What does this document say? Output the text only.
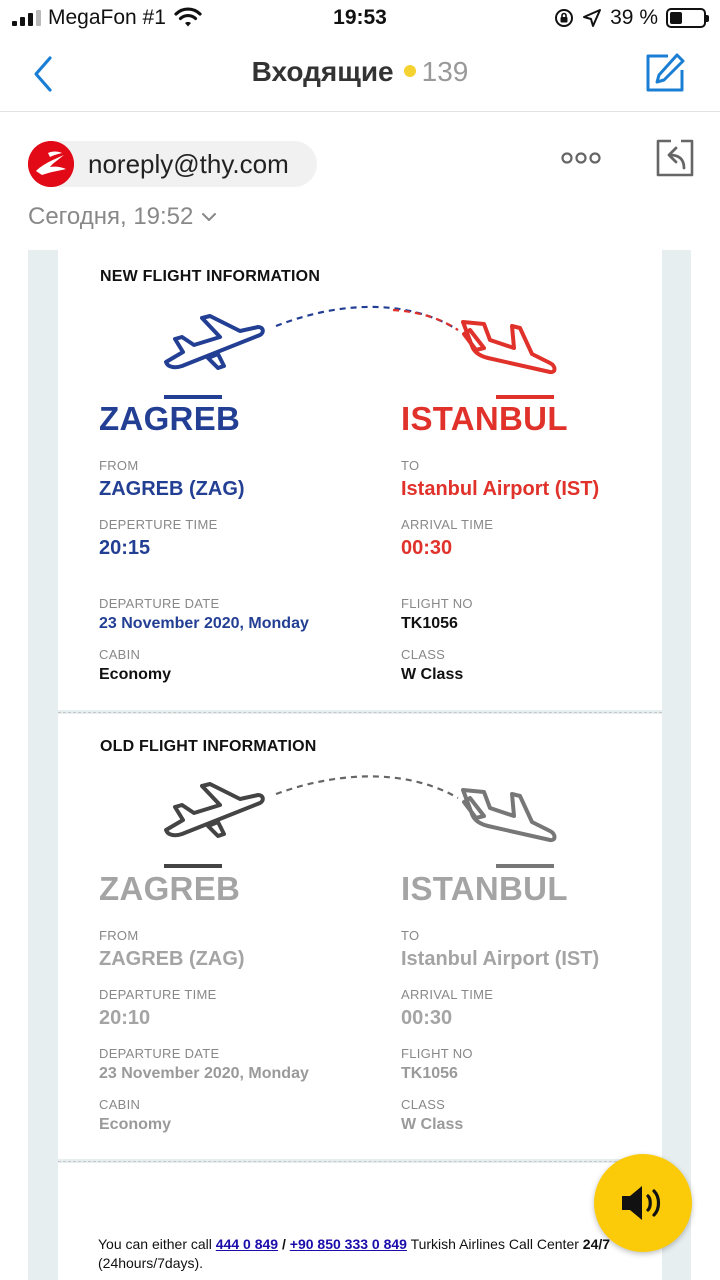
MegaFon #1	19:53	39 %
Входящие 139
noreply@thy.com
Сегодня, 19:52
NEW FLIGHT INFORMATION
ZAGREB	ISTANBUL
FROM	TO
ZAGREB (ZAG)	Istanbul Airport (IST)
DEPERTURE TIME	ARRIVAL TIME
20:15	00:30
DEPARTURE DATE	FLIGHT NO
23 November 2020, Monday	TK1056
CABIN	CLASS
Economy	W Class
OLD FLIGHT INFORMATION
ZAGREB	ISTANBUL
FROM	TO
ZAGREB (ZAG)	Istanbul Airport (IST)
DEPARTURE TIME	ARRIVAL TIME
20:10	00:30
DEPARTURE DATE	FLIGHT NO
23 November 2020, Monday	TK1056
CABIN	CLASS
Economy	W Class
You can either call 444 0 849 / +90 850 333 0 849 Turkish Airlines Call Center 24/7 (24hours/7days).
